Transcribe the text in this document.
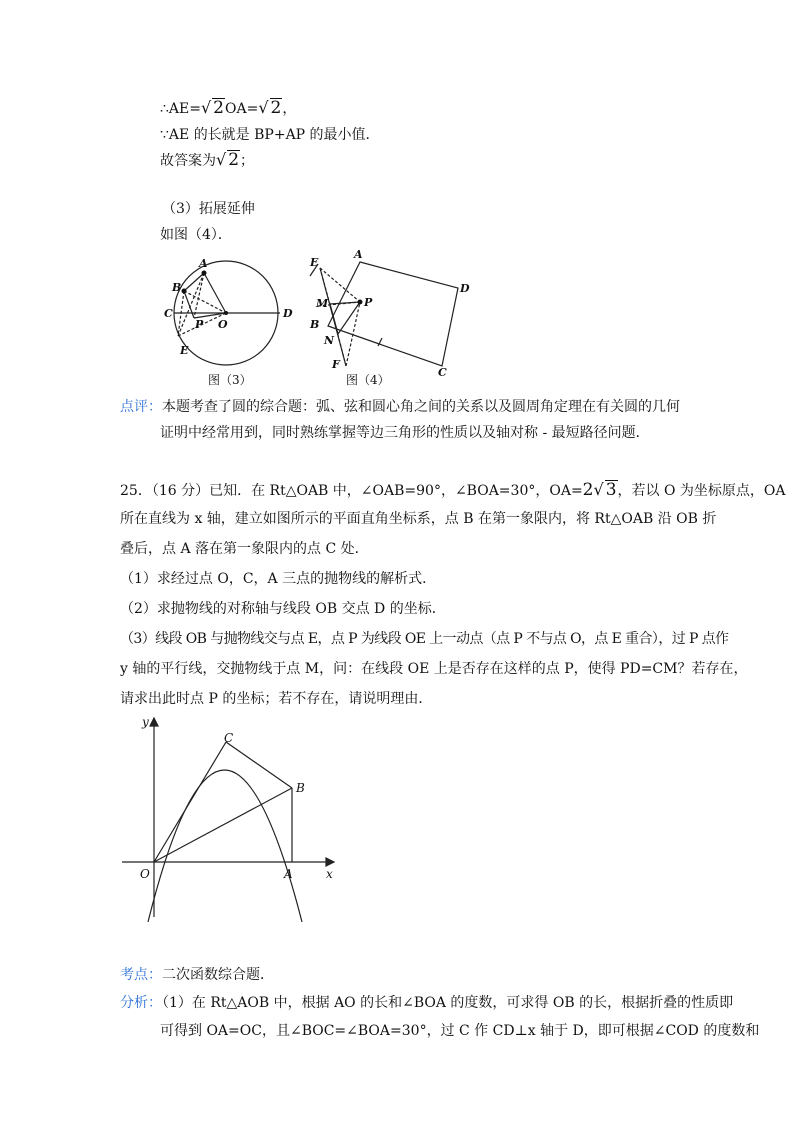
∴AE=√ 2OA=√ 2，
∵AE 的长就是 BP+AP 的最小值．
故答案为√ 2；
（3）拓展延伸
如图（4）．
A
B
C
P O
D
E
图（3）
A
D
E
M	P
B
N
F
C
图（4）
点评：本题考查了圆的综合题：弧、弦和圆心角之间的关系以及圆周角定理在有关圆的几何
证明中经常用到，同时熟练掌握等边三角形的性质以及轴对称 - 最短路径问题．
25．（16 分）已知．在 Rt△OAB 中，∠OAB=90°，∠BOA=30°，OA=2√ 3，若以 O 为坐标原点，OA
所在直线为 x 轴，建立如图所示的平面直角坐标系，点 B 在第一象限内，将 Rt△OAB 沿 OB 折
叠后，点 A 落在第一象限内的点 C 处．
（1）求经过点 O，C，A 三点的抛物线的解析式．
（2）求抛物线的对称轴与线段 OB 交点 D 的坐标．
（3）线段 OB 与抛物线交与点 E，点 P 为线段 OE 上一动点（点 P 不与点 O，点 E 重合），过 P 点作
y 轴的平行线，交抛物线于点 M，问：在线段 OE 上是否存在这样的点 P，使得 PD=CM？若存在，
请求出此时点 P 的坐标；若不存在，请说明理由．
y
x
O	A
B
C
考点：二次函数综合题．
分析：（1）在 Rt△AOB 中，根据 AO 的长和∠BOA 的度数，可求得 OB 的长，根据折叠的性质即
可得到 OA=OC，且∠BOC=∠BOA=30°，过 C 作 CD⊥x 轴于 D，即可根据∠COD 的度数和
